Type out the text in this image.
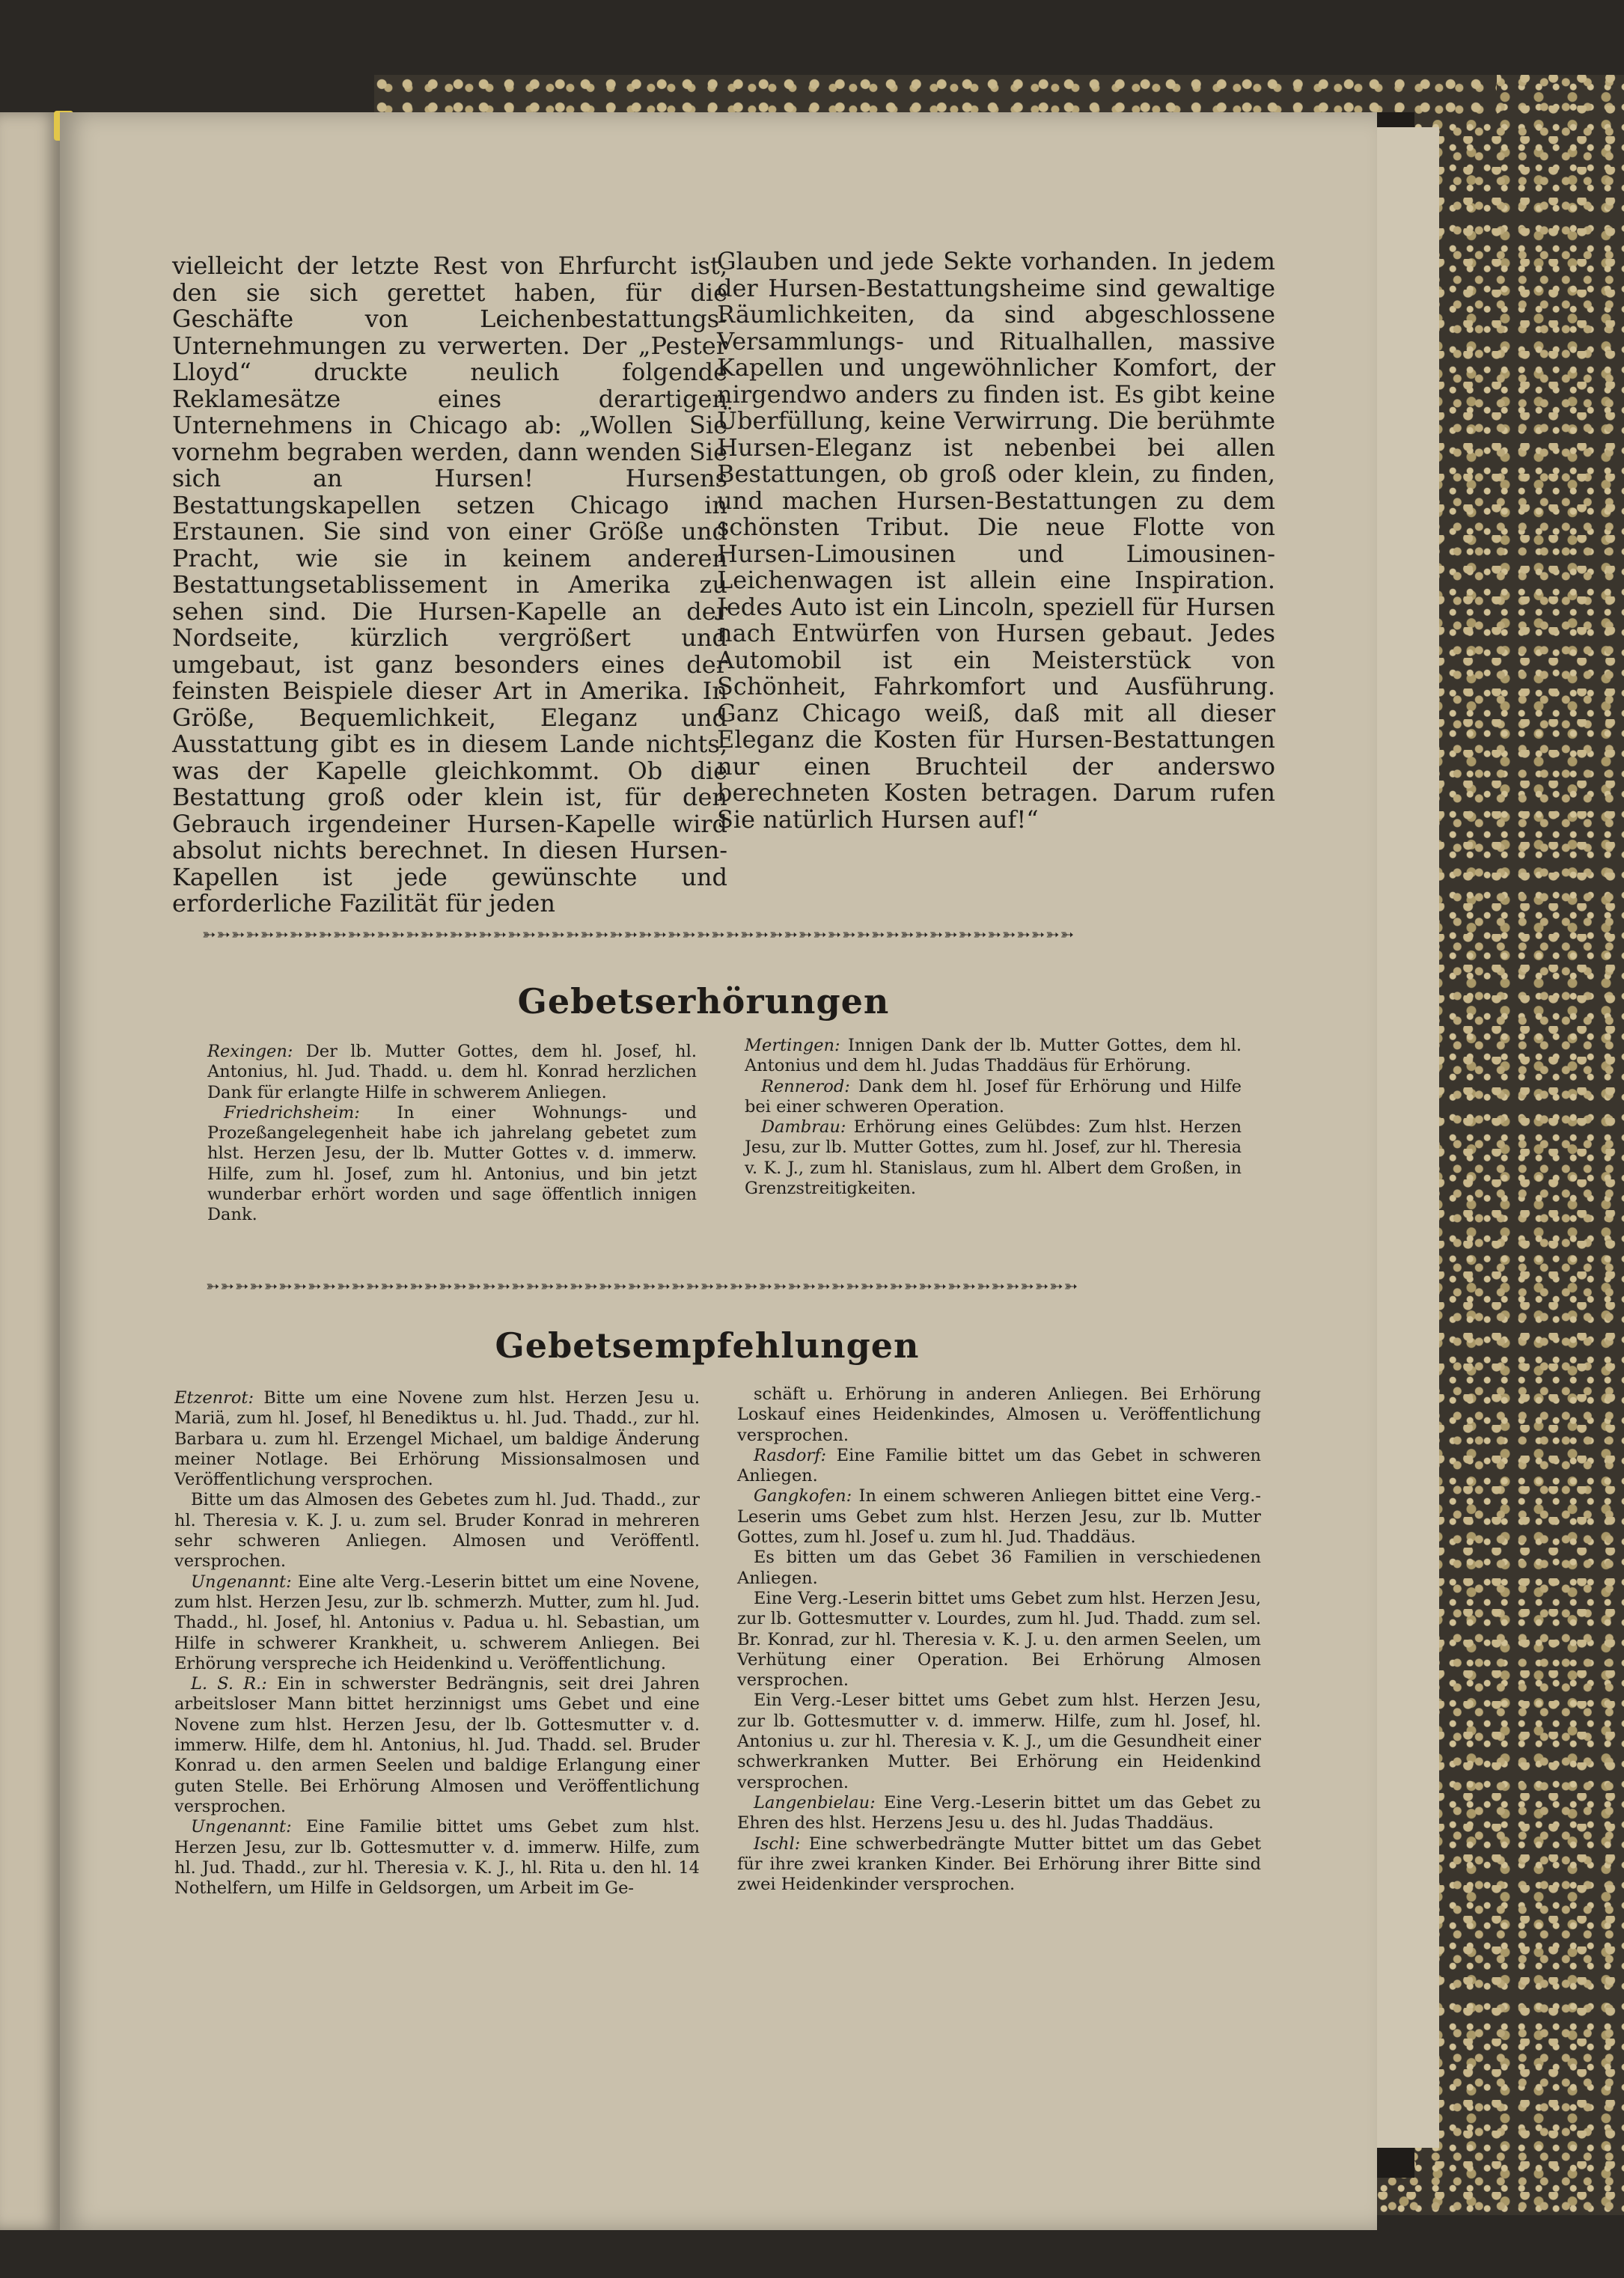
vielleicht der letzte Rest von Ehrfurcht ist, den sie sich gerettet haben, für die Geschäfte von Leichenbestattungs-Unternehmungen zu verwerten. Der „Pester Lloyd“ druckte neulich folgende Reklamesätze eines derartigen Unternehmens in Chicago ab: „Wollen Sie vornehm begraben werden, dann wenden Sie sich an Hursen! Hursens Bestattungskapellen setzen Chicago in Erstaunen. Sie sind von einer Größe und Pracht, wie sie in keinem anderen Bestattungsetablissement in Amerika zu sehen sind. Die Hursen-Kapelle an der Nordseite, kürzlich vergrößert und umgebaut, ist ganz besonders eines der feinsten Beispiele dieser Art in Amerika. In Größe, Bequemlichkeit, Eleganz und Ausstattung gibt es in diesem Lande nichts, was der Kapelle gleichkommt. Ob die Bestattung groß oder klein ist, für den Gebrauch irgendeiner Hursen-Kapelle wird absolut nichts berechnet. In diesen Hursen-Kapellen ist jede gewünschte und erforderliche Fazilität für jeden

Glauben und jede Sekte vorhanden. In jedem der Hursen-Bestattungsheime sind gewaltige Räumlichkeiten, da sind abgeschlossene Versammlungs- und Ritualhallen, massive Kapellen und ungewöhnlicher Komfort, der nirgendwo anders zu finden ist. Es gibt keine Überfüllung, keine Verwirrung. Die berühmte Hursen-Eleganz ist nebenbei bei allen Bestattungen, ob groß oder klein, zu finden, und machen Hursen-Bestattungen zu dem schönsten Tribut. Die neue Flotte von Hursen-Limousinen und Limousinen-Leichenwagen ist allein eine Inspiration. Jedes Auto ist ein Lincoln, speziell für Hursen nach Entwürfen von Hursen gebaut. Jedes Automobil ist ein Meisterstück von Schönheit, Fahrkomfort und Ausführung. Ganz Chicago weiß, daß mit all dieser Eleganz die Kosten für Hursen-Bestattungen nur einen Bruchteil der anderswo berechneten Kosten betragen. Darum rufen Sie natürlich Hursen auf!“

➳➳➳➳➳➳➳➳➳➳➳➳➳➳➳➳➳➳➳➳➳➳➳➳➳➳➳➳➳➳➳➳➳➳➳➳➳➳➳➳➳➳➳➳➳➳➳➳➳➳➳➳➳➳➳➳➳➳➳➳
Gebetserhörungen

Rexingen: Der lb. Mutter Gottes, dem hl. Josef, hl. Antonius, hl. Jud. Thadd. u. dem hl. Konrad herzlichen Dank für erlangte Hilfe in schwerem Anliegen.

Friedrichsheim: In einer Wohnungs- und Prozeßangelegenheit habe ich jahrelang gebetet zum hlst. Herzen Jesu, der lb. Mutter Gottes v. d. immerw. Hilfe, zum hl. Josef, zum hl. Antonius, und bin jetzt wunderbar erhört worden und sage öffentlich innigen Dank.

Mertingen: Innigen Dank der lb. Mutter Gottes, dem hl. Antonius und dem hl. Judas Thaddäus für Erhörung.

Rennerod: Dank dem hl. Josef für Erhörung und Hilfe bei einer schweren Operation.

Dambrau: Erhörung eines Gelübdes: Zum hlst. Herzen Jesu, zur lb. Mutter Gottes, zum hl. Josef, zur hl. Theresia v. K. J., zum hl. Stanislaus, zum hl. Albert dem Großen, in Grenzstreitigkeiten.

➳➳➳➳➳➳➳➳➳➳➳➳➳➳➳➳➳➳➳➳➳➳➳➳➳➳➳➳➳➳➳➳➳➳➳➳➳➳➳➳➳➳➳➳➳➳➳➳➳➳➳➳➳➳➳➳➳➳➳➳
Gebetsempfehlungen

Etzenrot: Bitte um eine Novene zum hlst. Herzen Jesu u. Mariä, zum hl. Josef, hl Benediktus u. hl. Jud. Thadd., zur hl. Barbara u. zum hl. Erzengel Michael, um baldige Änderung meiner Notlage. Bei Erhörung Missionsalmosen und Veröffentlichung versprochen.

Bitte um das Almosen des Gebetes zum hl. Jud. Thadd., zur hl. Theresia v. K. J. u. zum sel. Bruder Konrad in mehreren sehr schweren Anliegen. Almosen und Veröffentl. versprochen.

Ungenannt: Eine alte Verg.-Leserin bittet um eine Novene, zum hlst. Herzen Jesu, zur lb. schmerzh. Mutter, zum hl. Jud. Thadd., hl. Josef, hl. Antonius v. Padua u. hl. Sebastian, um Hilfe in schwerer Krankheit, u. schwerem Anliegen. Bei Erhörung verspreche ich Heidenkind u. Veröffentlichung.

L. S. R.: Ein in schwerster Bedrängnis, seit drei Jahren arbeitsloser Mann bittet herzinnigst ums Gebet und eine Novene zum hlst. Herzen Jesu, der lb. Gottesmutter v. d. immerw. Hilfe, dem hl. Antonius, hl. Jud. Thadd. sel. Bruder Konrad u. den armen Seelen und baldige Erlangung einer guten Stelle. Bei Erhörung Almosen und Veröffentlichung versprochen.

Ungenannt: Eine Familie bittet ums Gebet zum hlst. Herzen Jesu, zur lb. Gottesmutter v. d. immerw. Hilfe, zum hl. Jud. Thadd., zur hl. Theresia v. K. J., hl. Rita u. den hl. 14 Nothelfern, um Hilfe in Geldsorgen, um Arbeit im Ge-

schäft u. Erhörung in anderen Anliegen. Bei Erhörung Loskauf eines Heidenkindes, Almosen u. Veröffentlichung versprochen.

Rasdorf: Eine Familie bittet um das Gebet in schweren Anliegen.

Gangkofen: In einem schweren Anliegen bittet eine Verg.-Leserin ums Gebet zum hlst. Herzen Jesu, zur lb. Mutter Gottes, zum hl. Josef u. zum hl. Jud. Thaddäus.

Es bitten um das Gebet 36 Familien in verschiedenen Anliegen.

Eine Verg.-Leserin bittet ums Gebet zum hlst. Herzen Jesu, zur lb. Gottesmutter v. Lourdes, zum hl. Jud. Thadd. zum sel. Br. Konrad, zur hl. Theresia v. K. J. u. den armen Seelen, um Verhütung einer Operation. Bei Erhörung Almosen versprochen.

Ein Verg.-Leser bittet ums Gebet zum hlst. Herzen Jesu, zur lb. Gottesmutter v. d. immerw. Hilfe, zum hl. Josef, hl. Antonius u. zur hl. Theresia v. K. J., um die Gesundheit einer schwerkranken Mutter. Bei Erhörung ein Heidenkind versprochen.

Langenbielau: Eine Verg.-Leserin bittet um das Gebet zu Ehren des hlst. Herzens Jesu u. des hl. Judas Thaddäus.

Ischl: Eine schwerbedrängte Mutter bittet um das Gebet für ihre zwei kranken Kinder. Bei Erhörung ihrer Bitte sind zwei Heidenkinder versprochen.
